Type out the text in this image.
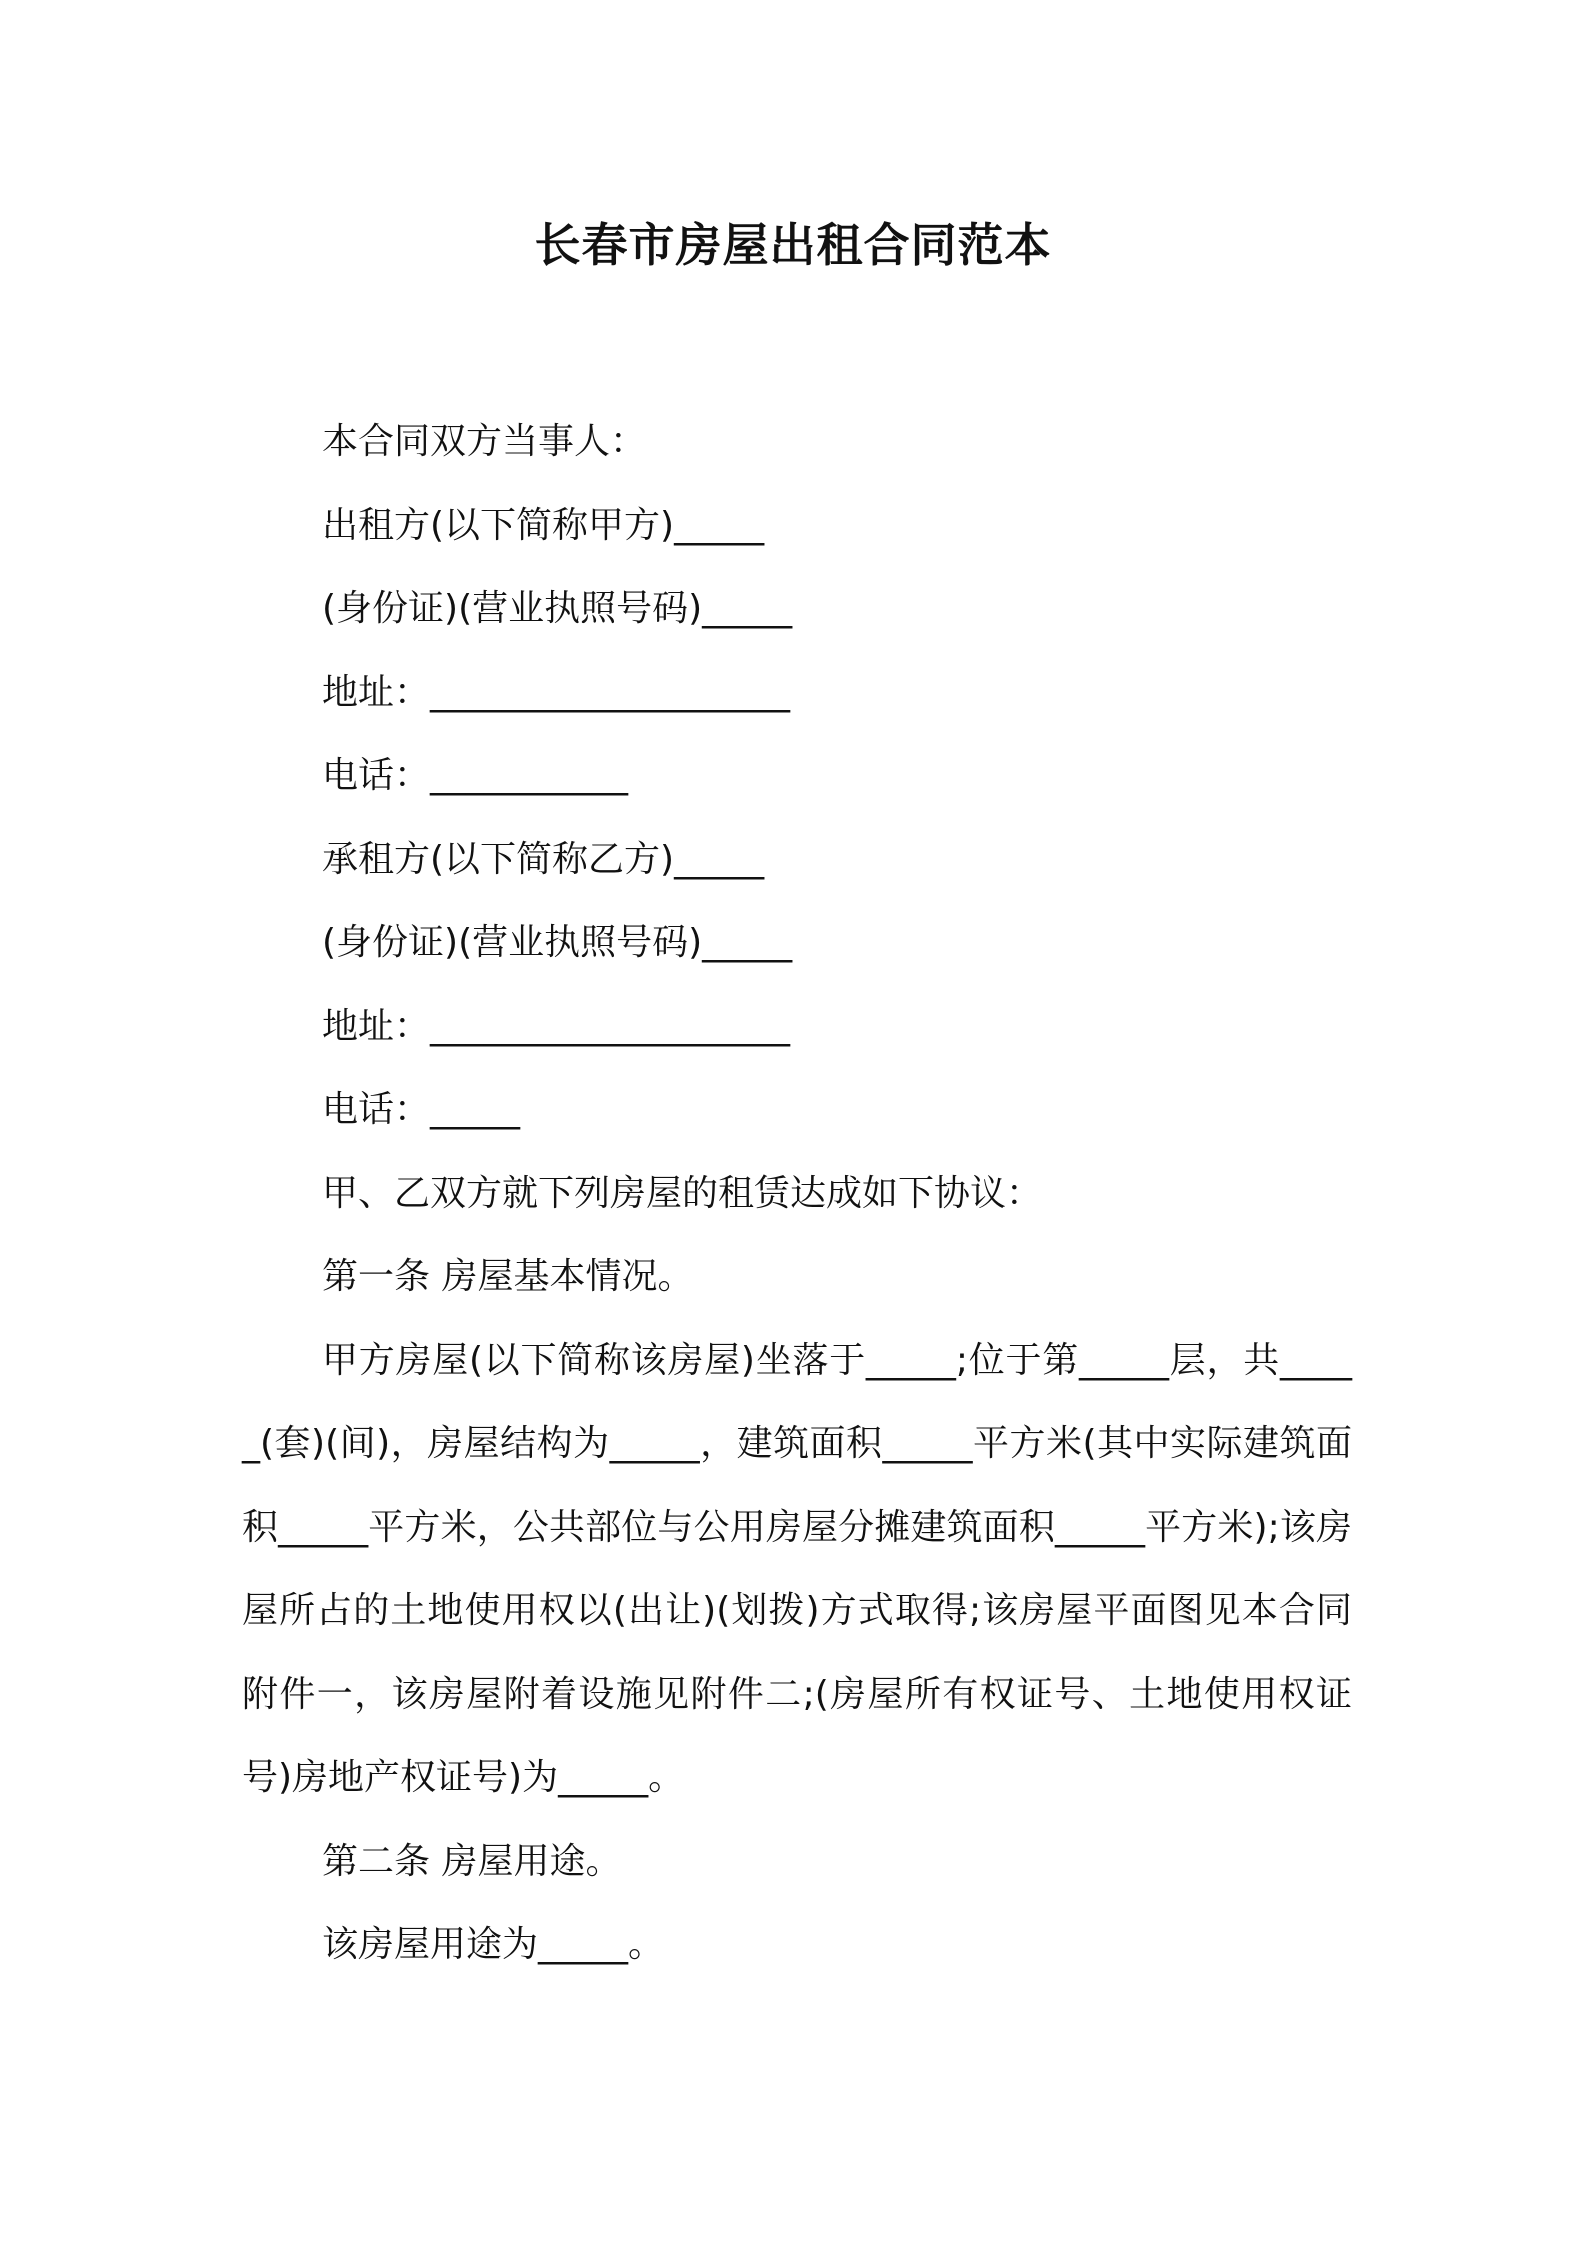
长春市房屋出租合同范本

本合同双方当事人：

出租方(以下简称甲方)_____

(身份证)(营业执照号码)_____

地址：____________________

电话：___________

承租方(以下简称乙方)_____

(身份证)(营业执照号码)_____

地址：____________________

电话：_____

甲、乙双方就下列房屋的租赁达成如下协议：

第一条 房屋基本情况。

甲方房屋(以下简称该房屋)坐落于_____;位于第_____层，共_____(套)(间)，房屋结构为_____，建筑面积_____平方米(其中实际建筑面积_____平方米，公共部位与公用房屋分摊建筑面积_____平方米);该房屋所占的土地使用权以(出让)(划拨)方式取得;该房屋平面图见本合同附件一，该房屋附着设施见附件二;(房屋所有权证号、土地使用权证号)房地产权证号)为_____。

第二条 房屋用途。

该房屋用途为_____。
